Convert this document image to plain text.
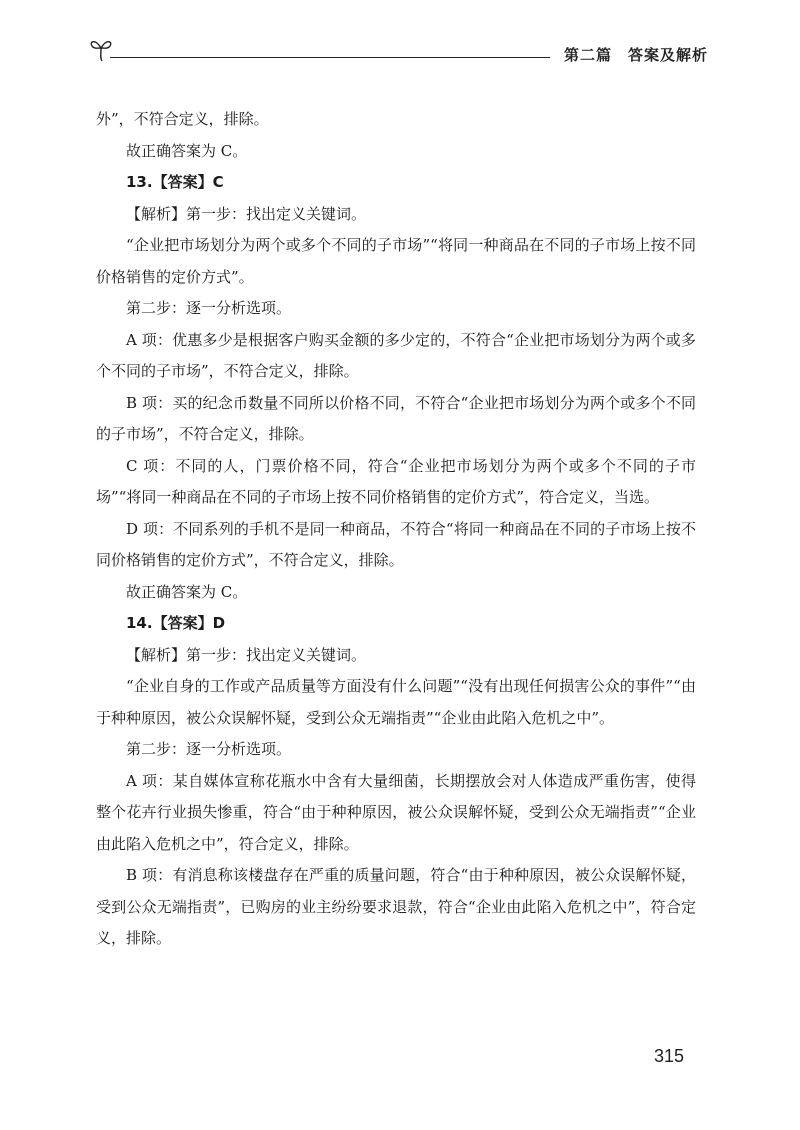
第二篇　答案及解析

外”，不符合定义，排除。

故正确答案为 C。

13.【答案】C

【解析】第一步：找出定义关键词。

“企业把市场划分为两个或多个不同的子市场”“将同一种商品在不同的子市场上按不同价格销售的定价方式”。

第二步：逐一分析选项。

A 项：优惠多少是根据客户购买金额的多少定的，不符合“企业把市场划分为两个或多个不同的子市场”，不符合定义，排除。

B 项：买的纪念币数量不同所以价格不同，不符合“企业把市场划分为两个或多个不同的子市场”，不符合定义，排除。

C 项：不同的人，门票价格不同，符合“企业把市场划分为两个或多个不同的子市场”“将同一种商品在不同的子市场上按不同价格销售的定价方式”，符合定义，当选。

D 项：不同系列的手机不是同一种商品，不符合“将同一种商品在不同的子市场上按不同价格销售的定价方式”，不符合定义，排除。

故正确答案为 C。

14.【答案】D

【解析】第一步：找出定义关键词。

“企业自身的工作或产品质量等方面没有什么问题”“没有出现任何损害公众的事件”“由于种种原因，被公众误解怀疑，受到公众无端指责”“企业由此陷入危机之中”。

第二步：逐一分析选项。

A 项：某自媒体宣称花瓶水中含有大量细菌，长期摆放会对人体造成严重伤害，使得整个花卉行业损失惨重，符合“由于种种原因，被公众误解怀疑，受到公众无端指责”“企业由此陷入危机之中”，符合定义，排除。

B 项：有消息称该楼盘存在严重的质量问题，符合“由于种种原因，被公众误解怀疑，受到公众无端指责”，已购房的业主纷纷要求退款，符合“企业由此陷入危机之中”，符合定义，排除。

315
